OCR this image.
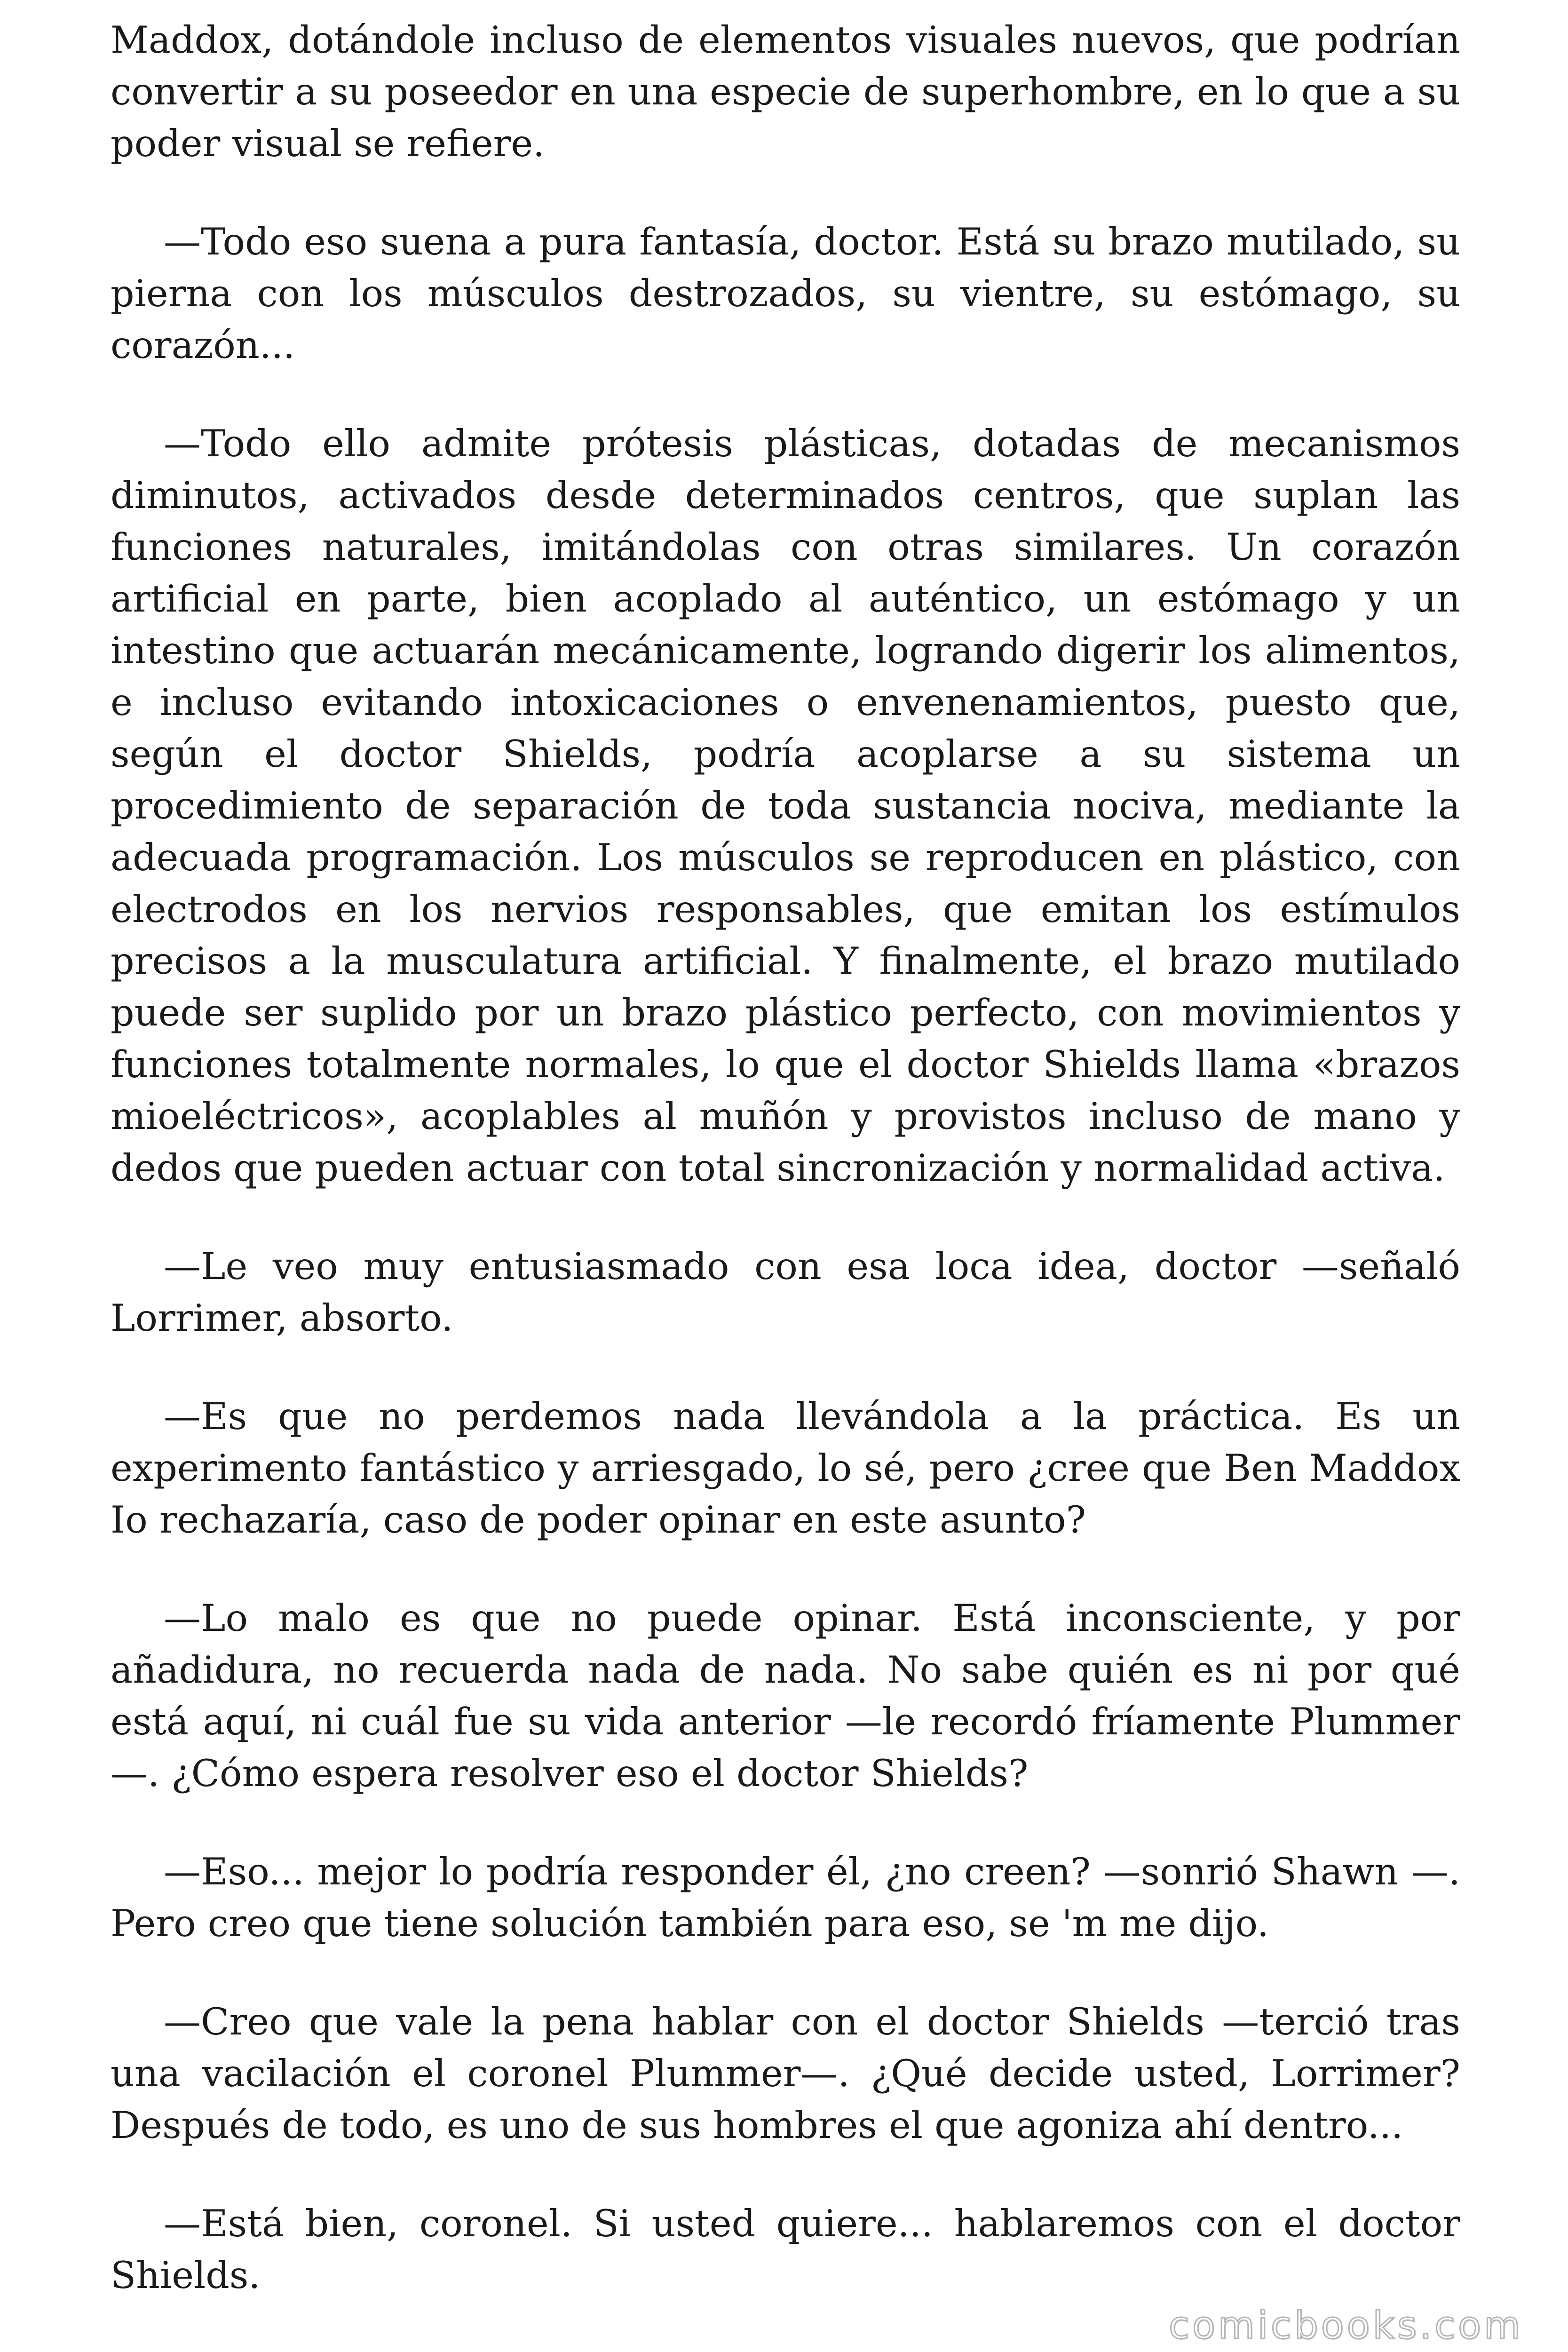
Maddox, dotándole incluso de elementos visuales nuevos, que podrían convertir a su poseedor en una especie de superhombre, en lo que a su poder visual se refiere.

—Todo eso suena a pura fantasía, doctor. Está su brazo mutilado, su pierna con los músculos destrozados, su vientre, su estómago, su corazón...

—Todo ello admite prótesis plásticas, dotadas de mecanismos diminutos, activados desde determinados centros, que suplan las funciones naturales, imitándolas con otras similares. Un corazón artificial en parte, bien acoplado al auténtico, un estómago y un intestino que actuarán mecánicamente, logrando digerir los alimentos, e incluso evitando intoxicaciones o envenenamientos, puesto que, según el doctor Shields, podría acoplarse a su sistema un procedimiento de separación de toda sustancia nociva, mediante la adecuada programación. Los músculos se reproducen en plástico, con electrodos en los nervios responsables, que emitan los estímulos precisos a la musculatura artificial. Y finalmente, el brazo mutilado puede ser suplido por un brazo plástico perfecto, con movimientos y funciones totalmente normales, lo que el doctor Shields llama «brazos mioeléctricos», acoplables al muñón y provistos incluso de mano y dedos que pueden actuar con total sincronización y normalidad activa.

—Le veo muy entusiasmado con esa loca idea, doctor —señaló Lorrimer, absorto.

—Es que no perdemos nada llevándola a la práctica. Es un experimento fantástico y arriesgado, lo sé, pero ¿cree que Ben Maddox Io rechazaría, caso de poder opinar en este asunto?

—Lo malo es que no puede opinar. Está inconsciente, y por añadidura, no recuerda nada de nada. No sabe quién es ni por qué está aquí, ni cuál fue su vida anterior —le recordó fríamente Plummer —. ¿Cómo espera resolver eso el doctor Shields?

—Eso... mejor lo podría responder él, ¿no creen? —sonrió Shawn —. Pero creo que tiene solución también para eso, se 'm me dijo.

—Creo que vale la pena hablar con el doctor Shields —terció tras una vacilación el coronel Plummer—. ¿Qué decide usted, Lorrimer? Después de todo, es uno de sus hombres el que agoniza ahí dentro...

—Está bien, coronel. Si usted quiere... hablaremos con el doctor Shields.

comicbooks.com
